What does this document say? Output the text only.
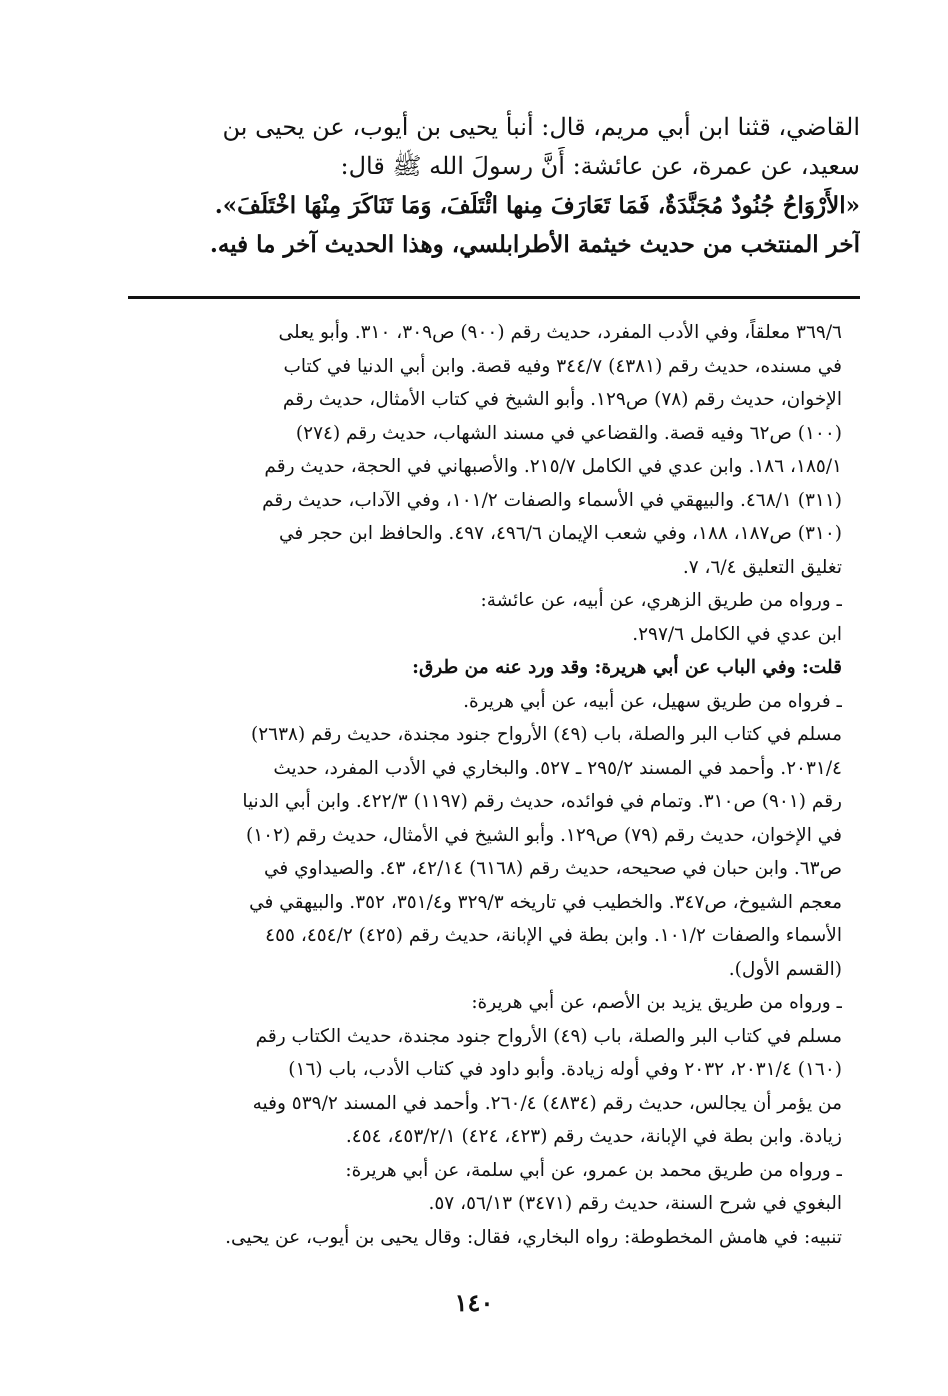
القاضي، قثنا ابن أبي مريم، قال: أنبأ يحيى بن أيوب، عن يحيى بن
سعيد، عن عمرة، عن عائشة: أَنَّ رسولَ الله ﷺ قال:
«الأَرْوَاحُ جُنُودٌ مُجَنَّدَةٌ، فَمَا تَعَارَفَ مِنها ائْتَلَفَ، وَمَا تَنَاكَرَ مِنْهَا اخْتَلَفَ».
آخر المنتخب من حديث خيثمة الأطرابلسي، وهذا الحديث آخر ما فيه.
٣٦٩/٦ معلقاً، وفي الأدب المفرد، حديث رقم (٩٠٠) ص٣٠٩، ٣١٠. وأبو يعلى
في مسنده، حديث رقم (٤٣٨١) ٣٤٤/٧ وفيه قصة. وابن أبي الدنيا في كتاب
الإخوان، حديث رقم (٧٨) ص١٢٩. وأبو الشيخ في كتاب الأمثال، حديث رقم
(١٠٠) ص٦٢ وفيه قصة. والقضاعي في مسند الشهاب، حديث رقم (٢٧٤)
١٨٥/١، ١٨٦. وابن عدي في الكامل ٢١٥/٧. والأصبهاني في الحجة، حديث رقم
(٣١١) ٤٦٨/١. والبيهقي في الأسماء والصفات ١٠١/٢، وفي الآداب، حديث رقم
(٣١٠) ص١٨٧، ١٨٨، وفي شعب الإيمان ٤٩٦/٦، ٤٩٧. والحافظ ابن حجر في
تغليق التعليق ٦/٤، ٧.
ـ ورواه من طريق الزهري، عن أبيه، عن عائشة:
ابن عدي في الكامل ٢٩٧/٦.
قلت: وفي الباب عن أبي هريرة: وقد ورد عنه من طرق:
ـ فرواه من طريق سهيل، عن أبيه، عن أبي هريرة.
مسلم في كتاب البر والصلة، باب (٤٩) الأرواح جنود مجندة، حديث رقم (٢٦٣٨)
٢٠٣١/٤. وأحمد في المسند ٢٩٥/٢ ـ ٥٢٧. والبخاري في الأدب المفرد، حديث
رقم (٩٠١) ص٣١٠. وتمام في فوائده، حديث رقم (١١٩٧) ٤٢٢/٣. وابن أبي الدنيا
في الإخوان، حديث رقم (٧٩) ص١٢٩. وأبو الشيخ في الأمثال، حديث رقم (١٠٢)
ص٦٣. وابن حبان في صحيحه، حديث رقم (٦١٦٨) ٤٢/١٤، ٤٣. والصيداوي في
معجم الشيوخ، ص٣٤٧. والخطيب في تاريخه ٣٢٩/٣ و٣٥١/٤، ٣٥٢. والبيهقي في
الأسماء والصفات ١٠١/٢. وابن بطة في الإبانة، حديث رقم (٤٢٥) ٤٥٤/٢، ٤٥٥
(القسم الأول).
ـ ورواه من طريق يزيد بن الأصم، عن أبي هريرة:
مسلم في كتاب البر والصلة، باب (٤٩) الأرواح جنود مجندة، حديث الكتاب رقم
(١٦٠) ٢٠٣١/٤، ٢٠٣٢ وفي أوله زيادة. وأبو داود في كتاب الأدب، باب (١٦)
من يؤمر أن يجالس، حديث رقم (٤٨٣٤) ٢٦٠/٤. وأحمد في المسند ٥٣٩/٢ وفيه
زيادة. وابن بطة في الإبانة، حديث رقم (٤٢٣، ٤٢٤) ٤٥٣/٢/١، ٤٥٤.
ـ ورواه من طريق محمد بن عمرو، عن أبي سلمة، عن أبي هريرة:
البغوي في شرح السنة، حديث رقم (٣٤٧١) ٥٦/١٣، ٥٧.
تنبيه: في هامش المخطوطة: رواه البخاري، فقال: وقال يحيى بن أيوب، عن يحيى.
١٤٠
